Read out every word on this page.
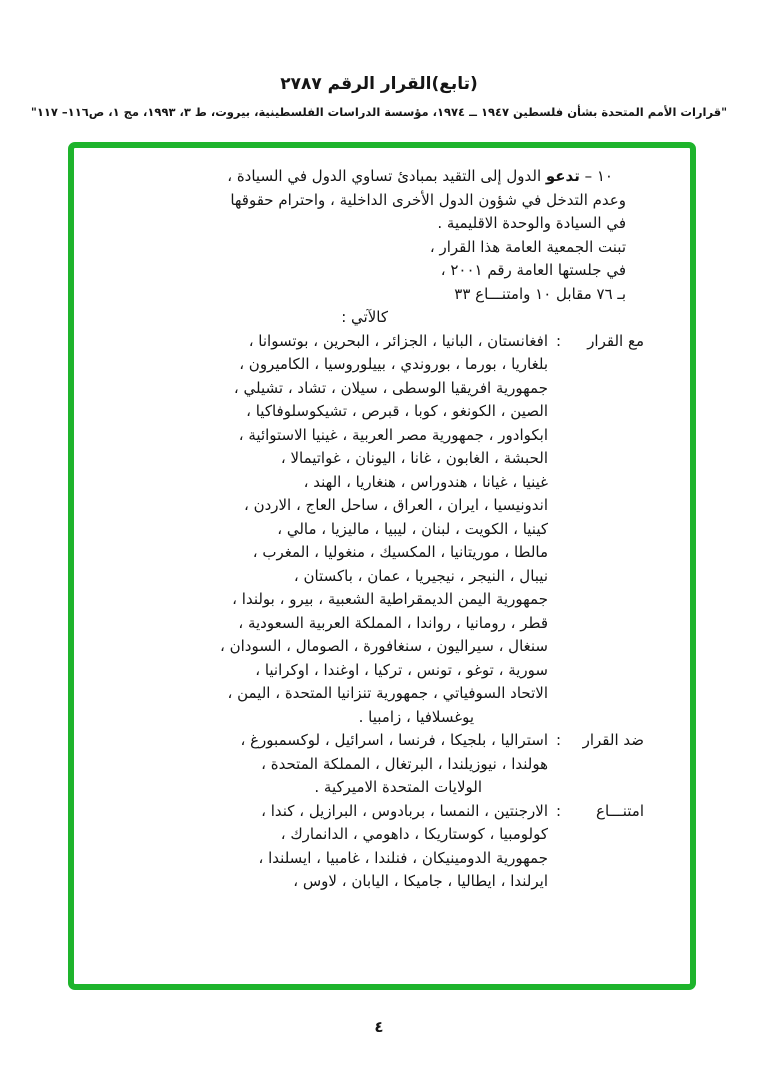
(تابع)القرار الرقم ٢٧٨٧
"قرارات الأمم المتحدة بشأن فلسطين ١٩٤٧ ــ ١٩٧٤، مؤسسة الدراسات الفلسطينية، بيروت، ط ٣، ١٩٩٣، مج ١، ص١١٦– ١١٧"
١٠ – تدعو الدول إلى التقيد بمبادئ تساوي الدول في السيادة ،
وعدم التدخل في شؤون الدول الأخرى الداخلية ، واحترام حقوقها
في السيادة والوحدة الاقليمية .
تبنت الجمعية العامة هذا القرار ،
في جلستها العامة رقم ٢٠٠١ ،
بـ ٧٦ مقابل ١٠ وامتنـــاع ٣٣
كالآتي :
مع القرار
:
افغانستان ، البانيا ، الجزائر ، البحرين ، بوتسوانا ،
بلغاريا ، بورما ، بوروندي ، بييلوروسيا ، الكاميرون ،
جمهورية افريقيا الوسطى ، سيلان ، تشاد ، تشيلي ،
الصين ، الكونغو ، كوبا ، قبرص ، تشيكوسلوفاكيا ،
ابكوادور ، جمهورية مصر العربية ، غينيا الاستوائية ،
الحبشة ، الغابون ، غانا ، اليونان ، غواتيمالا ،
غينيا ، غيانا ، هندوراس ، هنغاريا ، الهند ،
اندونيسيا ، ايران ، العراق ، ساحل العاج ، الاردن ،
كينيا ، الكويت ، لبنان ، ليبيا ، ماليزيا ، مالي ،
مالطا ، موريتانيا ، المكسيك ، منغوليا ، المغرب ،
نيبال ، النيجر ، نيجيريا ، عمان ، باكستان ،
جمهورية اليمن الديمقراطية الشعبية ، بيرو ، بولندا ،
قطر ، رومانيا ، رواندا ، المملكة العربية السعودية ،
سنغال ، سيراليون ، سنغافورة ، الصومال ، السودان ،
سورية ، توغو ، تونس ، تركيا ، اوغندا ، اوكرانيا ،
الاتحاد السوفياتي ، جمهورية تنزانيا المتحدة ، اليمن ،
يوغسلافيا ، زامبيا .
ضد القرار
:
استراليا ، بلجيكا ، فرنسا ، اسرائيل ، لوكسمبورغ ،
هولندا ، نيوزيلندا ، البرتغال ، المملكة المتحدة ،
الولايات المتحدة الاميركية .
امتنـــاع
:
الارجنتين ، النمسا ، بربادوس ، البرازيل ، كندا ،
كولومبيا ، كوستاريكا ، داهومي ، الدانمارك ،
جمهورية الدومينيكان ، فنلندا ، غامبيا ، ايسلندا ،
ايرلندا ، ايطاليا ، جاميكا ، اليابان ، لاوس ،
٤
